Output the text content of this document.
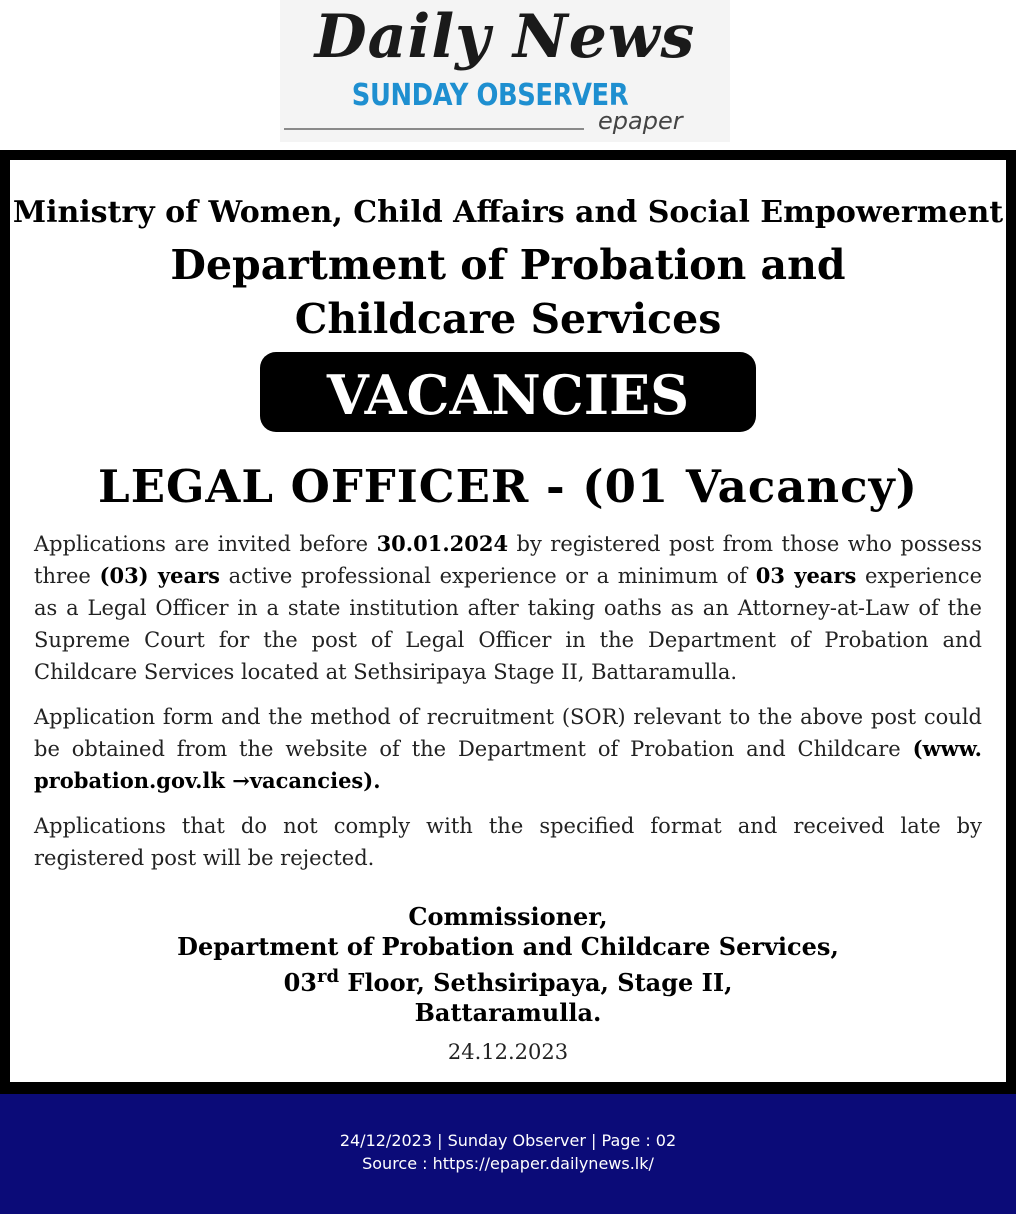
Daily News
SUNDAY OBSERVER
epaper
Ministry of Women, Child Affairs and Social Empowerment
Department of Probation and
Childcare Services
VACANCIES
LEGAL OFFICER - (01 Vacancy)
Applications are invited before 30.01.2024 by registered post from those who possess three (03) years active professional experience or a minimum of 03 years experience as a Legal Officer in a state institution after taking oaths as an Attorney-at-Law of the Supreme Court for the post of Legal Officer in the Department of Probation and Childcare Services located at Sethsiripaya Stage II, Battaramulla.
Application form and the method of recruitment (SOR) relevant to the above post could be obtained from the website of the Department of Probation and Childcare (www. probation.gov.lk →vacancies).
Applications that do not comply with the specified format and received late by registered post will be rejected.
Commissioner,
Department of Probation and Childcare Services,
03rd Floor, Sethsiripaya, Stage II,
Battaramulla.
24.12.2023
24/12/2023 | Sunday Observer | Page : 02
Source : https://epaper.dailynews.lk/
